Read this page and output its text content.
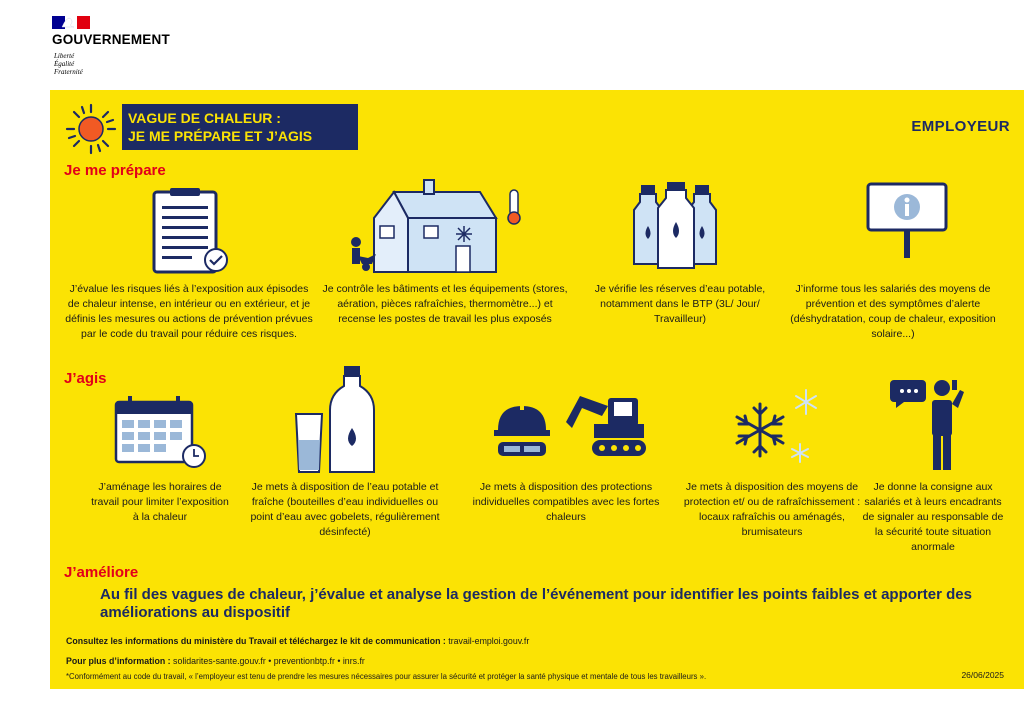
GOUVERNEMENT
Liberté
Égalité
Fraternité
VAGUE DE CHALEUR :
JE ME PRÉPARE ET J’AGIS
EMPLOYEUR
Je me prépare
J’évalue les risques liés à l’exposition aux épisodes de chaleur intense, en intérieur ou en extérieur, et je définis les mesures ou actions de prévention prévues par le code du travail pour réduire ces risques.
Je contrôle les bâtiments et les équipements (stores, aération, pièces rafraîchies, thermomètre...) et recense les postes de travail les plus exposés
Je vérifie les réserves d’eau potable, notamment dans le BTP (3L/ Jour/ Travailleur)
J’informe tous les salariés des moyens de prévention et des symptômes d’alerte (déshydratation, coup de chaleur, exposition solaire...)
J’agis
J’aménage les horaires de travail pour limiter l’exposition à la chaleur
Je mets à disposition de l’eau potable et fraîche (bouteilles d’eau individuelles ou point d’eau avec gobelets, régulièrement désinfecté)
Je mets à disposition des protections individuelles compatibles avec les fortes chaleurs
Je mets à disposition des moyens de protection et/ ou de rafraîchissement : locaux rafraîchis ou aménagés, brumisateurs
Je donne la consigne aux salariés et à leurs encadrants de signaler au responsable de la sécurité toute situation anormale
J’améliore
Au fil des vagues de chaleur, j’évalue et analyse la gestion de l’événement pour identifier les points faibles et apporter des améliorations au dispositif
Consultez les informations du ministère du Travail et téléchargez le kit de communication : travail-emploi.gouv.fr
Pour plus d’information : solidarites-sante.gouv.fr • preventionbtp.fr • inrs.fr
*Conformément au code du travail, « l’employeur est tenu de prendre les mesures nécessaires pour assurer la sécurité et protéger la santé physique et mentale de tous les travailleurs ».	26/06/2025
